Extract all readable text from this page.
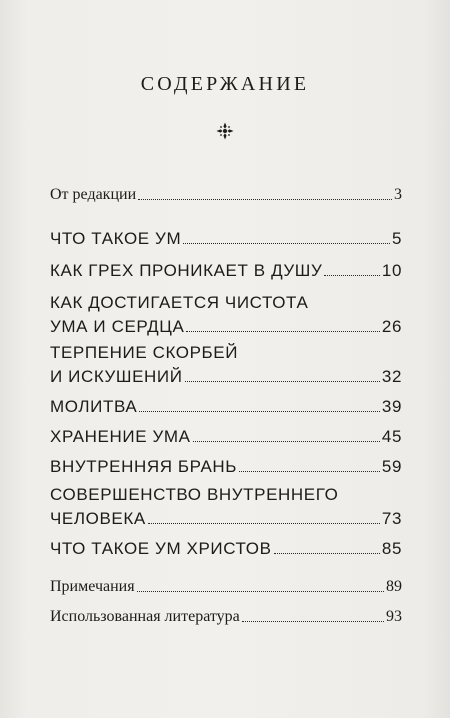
СОДЕРЖАНИЕ
От редакции	3
ЧТО ТАКОЕ УМ	5
КАК ГРЕХ ПРОНИКАЕТ В ДУШУ	10
КАК ДОСТИГАЕТСЯ ЧИСТОТА
УМА И СЕРДЦА	26
ТЕРПЕНИЕ СКОРБЕЙ
И ИСКУШЕНИЙ	32
МОЛИТВА	39
ХРАНЕНИЕ УМА	45
ВНУТРЕННЯЯ БРАНЬ	59
СОВЕРШЕНСТВО ВНУТРЕННЕГО
ЧЕЛОВЕКА	73
ЧТО ТАКОЕ УМ ХРИСТОВ	85
Примечания	89
Использованная литература	93
